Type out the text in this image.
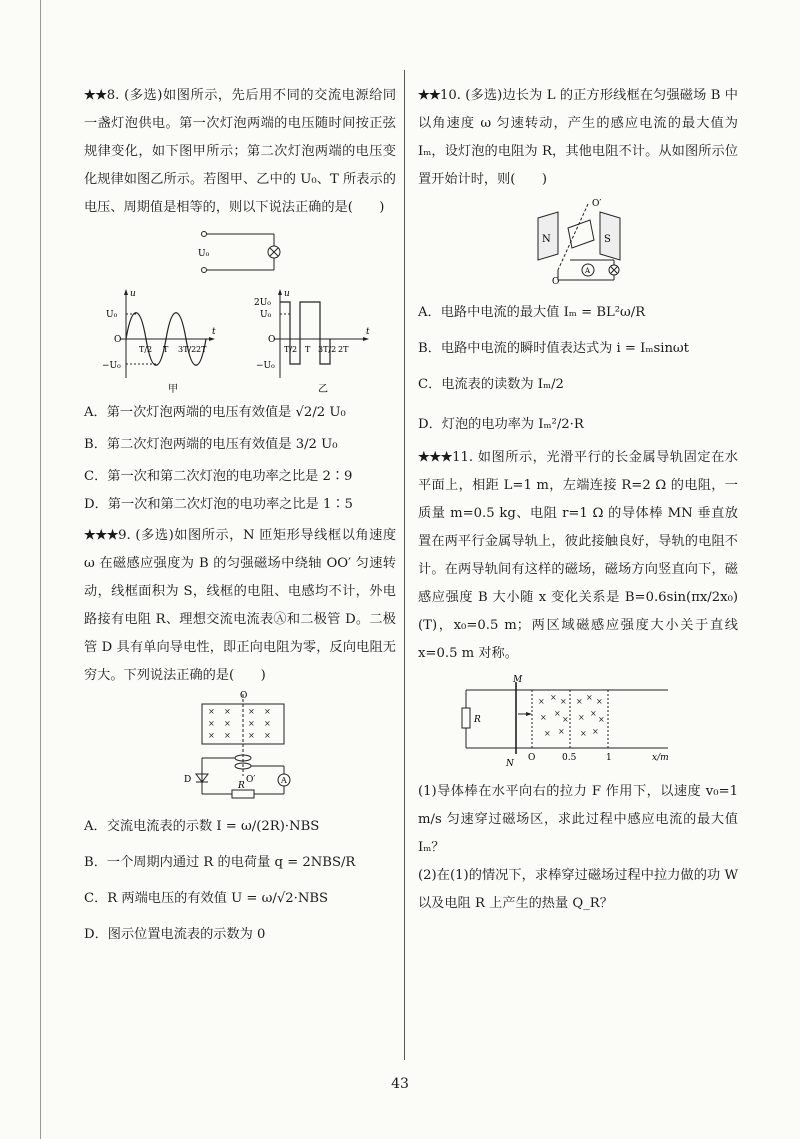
★★8. (多选)如图所示，先后用不同的交流电源给同一盏灯泡供电。第一次灯泡两端的电压随时间按正弦规律变化，如下图甲所示；第二次灯泡两端的电压变化规律如图乙所示。若图甲、乙中的 U₀、T 所表示的电压、周期值是相等的，则以下说法正确的是(　　)

U₀
u
U₀
O
−U₀
t
T/2 T 3T/2 2T
甲
u
2U₀
U₀
O
−U₀
t
T/2 T 3T/2 2T
乙

A．第一次灯泡两端的电压有效值是 √2/2 U₀

B．第二次灯泡两端的电压有效值是 3/2 U₀

C．第一次和第二次灯泡的电功率之比是 2∶9

D．第一次和第二次灯泡的电功率之比是 1∶5

★★★9. (多选)如图所示，N 匝矩形导线框以角速度 ω 在磁感应强度为 B 的匀强磁场中绕轴 OO′ 匀速转动，线框面积为 S，线框的电阻、电感均不计，外电路接有电阻 R、理想交流电流表Ⓐ和二极管 D。二极管 D 具有单向导电性，即正向电阻为零，反向电阻无穷大。下列说法正确的是(　　)

× × × ×
× × × ×
× × × ×
A
O
O′
D
R

A．交流电流表的示数 I = ω/(2R)·NBS

B．一个周期内通过 R 的电荷量 q = 2NBS/R

C．R 两端电压的有效值 U = ω/√2·NBS

D．图示位置电流表的示数为 0

★★10. (多选)边长为 L 的正方形线框在匀强磁场 B 中以角速度 ω 匀速转动，产生的感应电流的最大值为 Iₘ，设灯泡的电阻为 R，其他电阻不计。从如图所示位置开始计时，则(　　)

N	S
O′
O
A

A．电路中电流的最大值 Iₘ = BL²ω/R

B．电路中电流的瞬时值表达式为 i = Iₘsinωt

C．电流表的读数为 Iₘ/2

D．灯泡的电功率为 Iₘ²/2·R

★★★11. 如图所示，光滑平行的长金属导轨固定在水平面上，相距 L=1 m，左端连接 R=2 Ω 的电阻，一质量 m=0.5 kg、电阻 r=1 Ω 的导体棒 MN 垂直放置在两平行金属导轨上，彼此接触良好，导轨的电阻不计。在两导轨间有这样的磁场，磁场方向竖直向下，磁感应强度 B 大小随 x 变化关系是 B=0.6sin(πx/2x₀)(T)，x₀=0.5 m；两区域磁感应强度大小关于直线 x=0.5 m 对称。

R
M
N
× × ×
× ×
×
× ×
× × ×
× ×
×
× ×
O	0.5	1	x/m

(1)导体棒在水平向右的拉力 F 作用下，以速度 v₀=1 m/s 匀速穿过磁场区，求此过程中感应电流的最大值 Iₘ？

(2)在(1)的情况下，求棒穿过磁场过程中拉力做的功 W 以及电阻 R 上产生的热量 Q_R？

43
